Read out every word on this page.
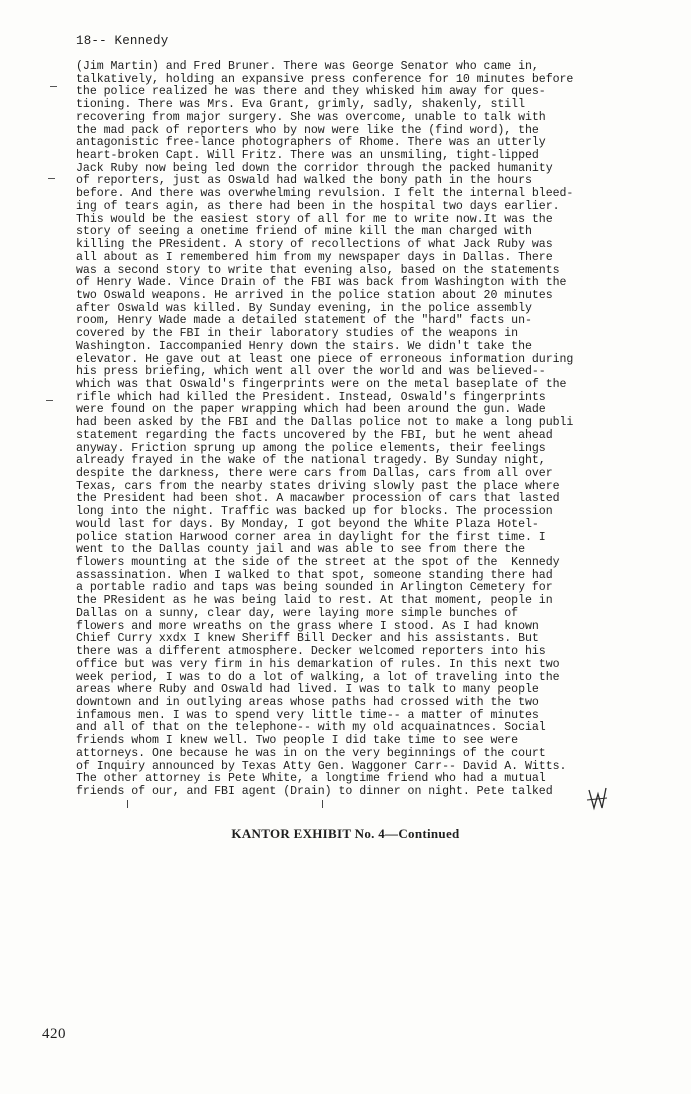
18-- Kennedy
(Jim Martin) and Fred Bruner. There was George Senator who came in,
talkatively, holding an expansive press conference for 10 minutes before
the police realized he was there and they whisked him away for ques-
tioning. There was Mrs. Eva Grant, grimly, sadly, shakenly, still
recovering from major surgery. She was overcome, unable to talk with
the mad pack of reporters who by now were like the (find word), the
antagonistic free-lance photographers of Rhome. There was an utterly
heart-broken Capt. Will Fritz. There was an unsmiling, tight-lipped
Jack Ruby now being led down the corridor through the packed humanity
of reporters, just as Oswald had walked the bony path in the hours
before. And there was overwhelming revulsion. I felt the internal bleed-
ing of tears agin, as there had been in the hospital two days earlier.
This would be the easiest story of all for me to write now.It was the
story of seeing a onetime friend of mine kill the man charged with
killing the PResident. A story of recollections of what Jack Ruby was
all about as I remembered him from my newspaper days in Dallas. There
was a second story to write that evening also, based on the statements
of Henry Wade. Vince Drain of the FBI was back from Washington with the
two Oswald weapons. He arrived in the police station about 20 minutes
after Oswald was killed. By Sunday evening, in the police assembly
room, Henry Wade made a detailed statement of the "hard" facts un-
covered by the FBI in their laboratory studies of the weapons in
Washington. Iaccompanied Henry down the stairs. We didn't take the
elevator. He gave out at least one piece of erroneous information during
his press briefing, which went all over the world and was believed--
which was that Oswald's fingerprints were on the metal baseplate of the
rifle which had killed the President. Instead, Oswald's fingerprints
were found on the paper wrapping which had been around the gun. Wade
had been asked by the FBI and the Dallas police not to make a long publi
statement regarding the facts uncovered by the FBI, but he went ahead
anyway. Friction sprung up among the police elements, their feelings
already frayed in the wake of the national tragedy. By Sunday night,
despite the darkness, there were cars from Dallas, cars from all over
Texas, cars from the nearby states driving slowly past the place where
the President had been shot. A macawber procession of cars that lasted
long into the night. Traffic was backed up for blocks. The procession
would last for days. By Monday, I got beyond the White Plaza Hotel-
police station Harwood corner area in daylight for the first time. I
went to the Dallas county jail and was able to see from there the
flowers mounting at the side of the street at the spot of the  Kennedy
assassination. When I walked to that spot, someone standing there had
a portable radio and taps was being sounded in Arlington Cemetery for
the PResident as he was being laid to rest. At that moment, people in
Dallas on a sunny, clear day, were laying more simple bunches of
flowers and more wreaths on the grass where I stood. As I had known
Chief Curry xxdx I knew Sheriff Bill Decker and his assistants. But
there was a different atmosphere. Decker welcomed reporters into his
office but was very firm in his demarkation of rules. In this next two
week period, I was to do a lot of walking, a lot of traveling into the
areas where Ruby and Oswald had lived. I was to talk to many people
downtown and in outlying areas whose paths had crossed with the two
infamous men. I was to spend very little time-- a matter of minutes
and all of that on the telephone-- with my old acquainatnces. Social
friends whom I knew well. Two people I did take time to see were
attorneys. One because he was in on the very beginnings of the court
of Inquiry announced by Texas Atty Gen. Waggoner Carr-- David A. Witts.
The other attorney is Pete White, a longtime friend who had a mutual
friends of our, and FBI agent (Drain) to dinner on night. Pete talked
KANTOR EXHIBIT No. 4—Continued
420
